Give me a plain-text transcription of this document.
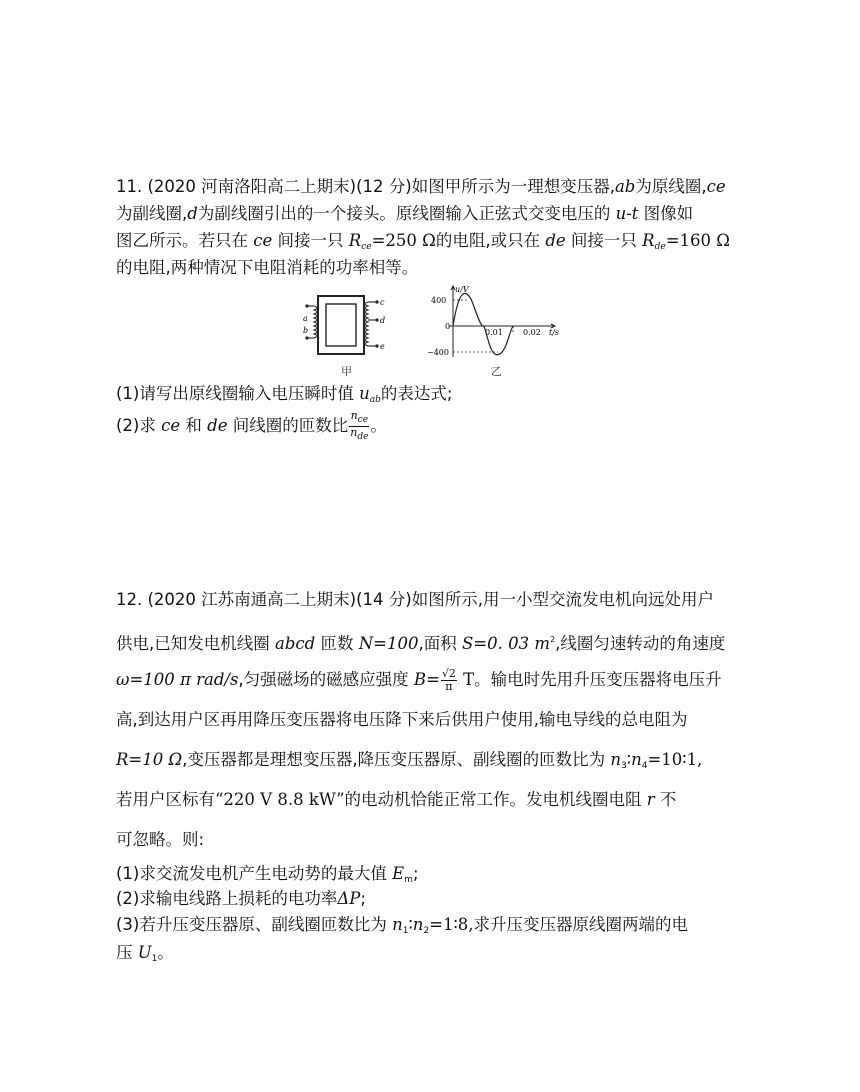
11. (2020 河南洛阳高二上期末)(12 分)如图甲所示为一理想变压器,ab为原线圈,ce
为副线圈,d为副线圈引出的一个接头。原线圈输入正弦式交变电压的 u-t 图像如
图乙所示。若只在 ce 间接一只 $R_{ce}=250$ Ω的电阻,或只在 de 间接一只 $R_{de}=160$ Ω
的电阻,两种情况下电阻消耗的功率相等。
a
b
c
d
e
甲
u/V
t/s
400
0
−400
0.01	0.02
乙
(1)请写出原线圈输入电压瞬时值 $u_{ab}$的表达式;
(2)求 ce 和 de 间线圈的匝数比 $\frac{n_{ce}}{n_{de}}$ 。
12. (2020 江苏南通高二上期末)(14 分)如图所示,用一小型交流发电机向远处用户
供电,已知发电机线圈 abcd 匝数 N=100,面积 S=0. 03 $m^2$,线圈匀速转动的角速度
ω=100 π rad/s,匀强磁场的磁感应强度 $B= \frac{√2}{\pi}$ T。输电时先用升压变压器将电压升
高,到达用户区再用降压变压器将电压降下来后供用户使用,输电导线的总电阻为
R=10 Ω,变压器都是理想变压器,降压变压器原、副线圈的匝数比为 $n_3∶n_4=10∶1$,
若用户区标有“220 V 8.8 kW”的电动机恰能正常工作。发电机线圈电阻 r 不
可忽略。则:
(1)求交流发电机产生电动势的最大值 $E_m$;
(2)求输电线路上损耗的电功率ΔP;
(3)若升压变压器原、副线圈匝数比为 $n_1∶n_2=1∶8$,求升压变压器原线圈两端的电
压 $U_1$。
